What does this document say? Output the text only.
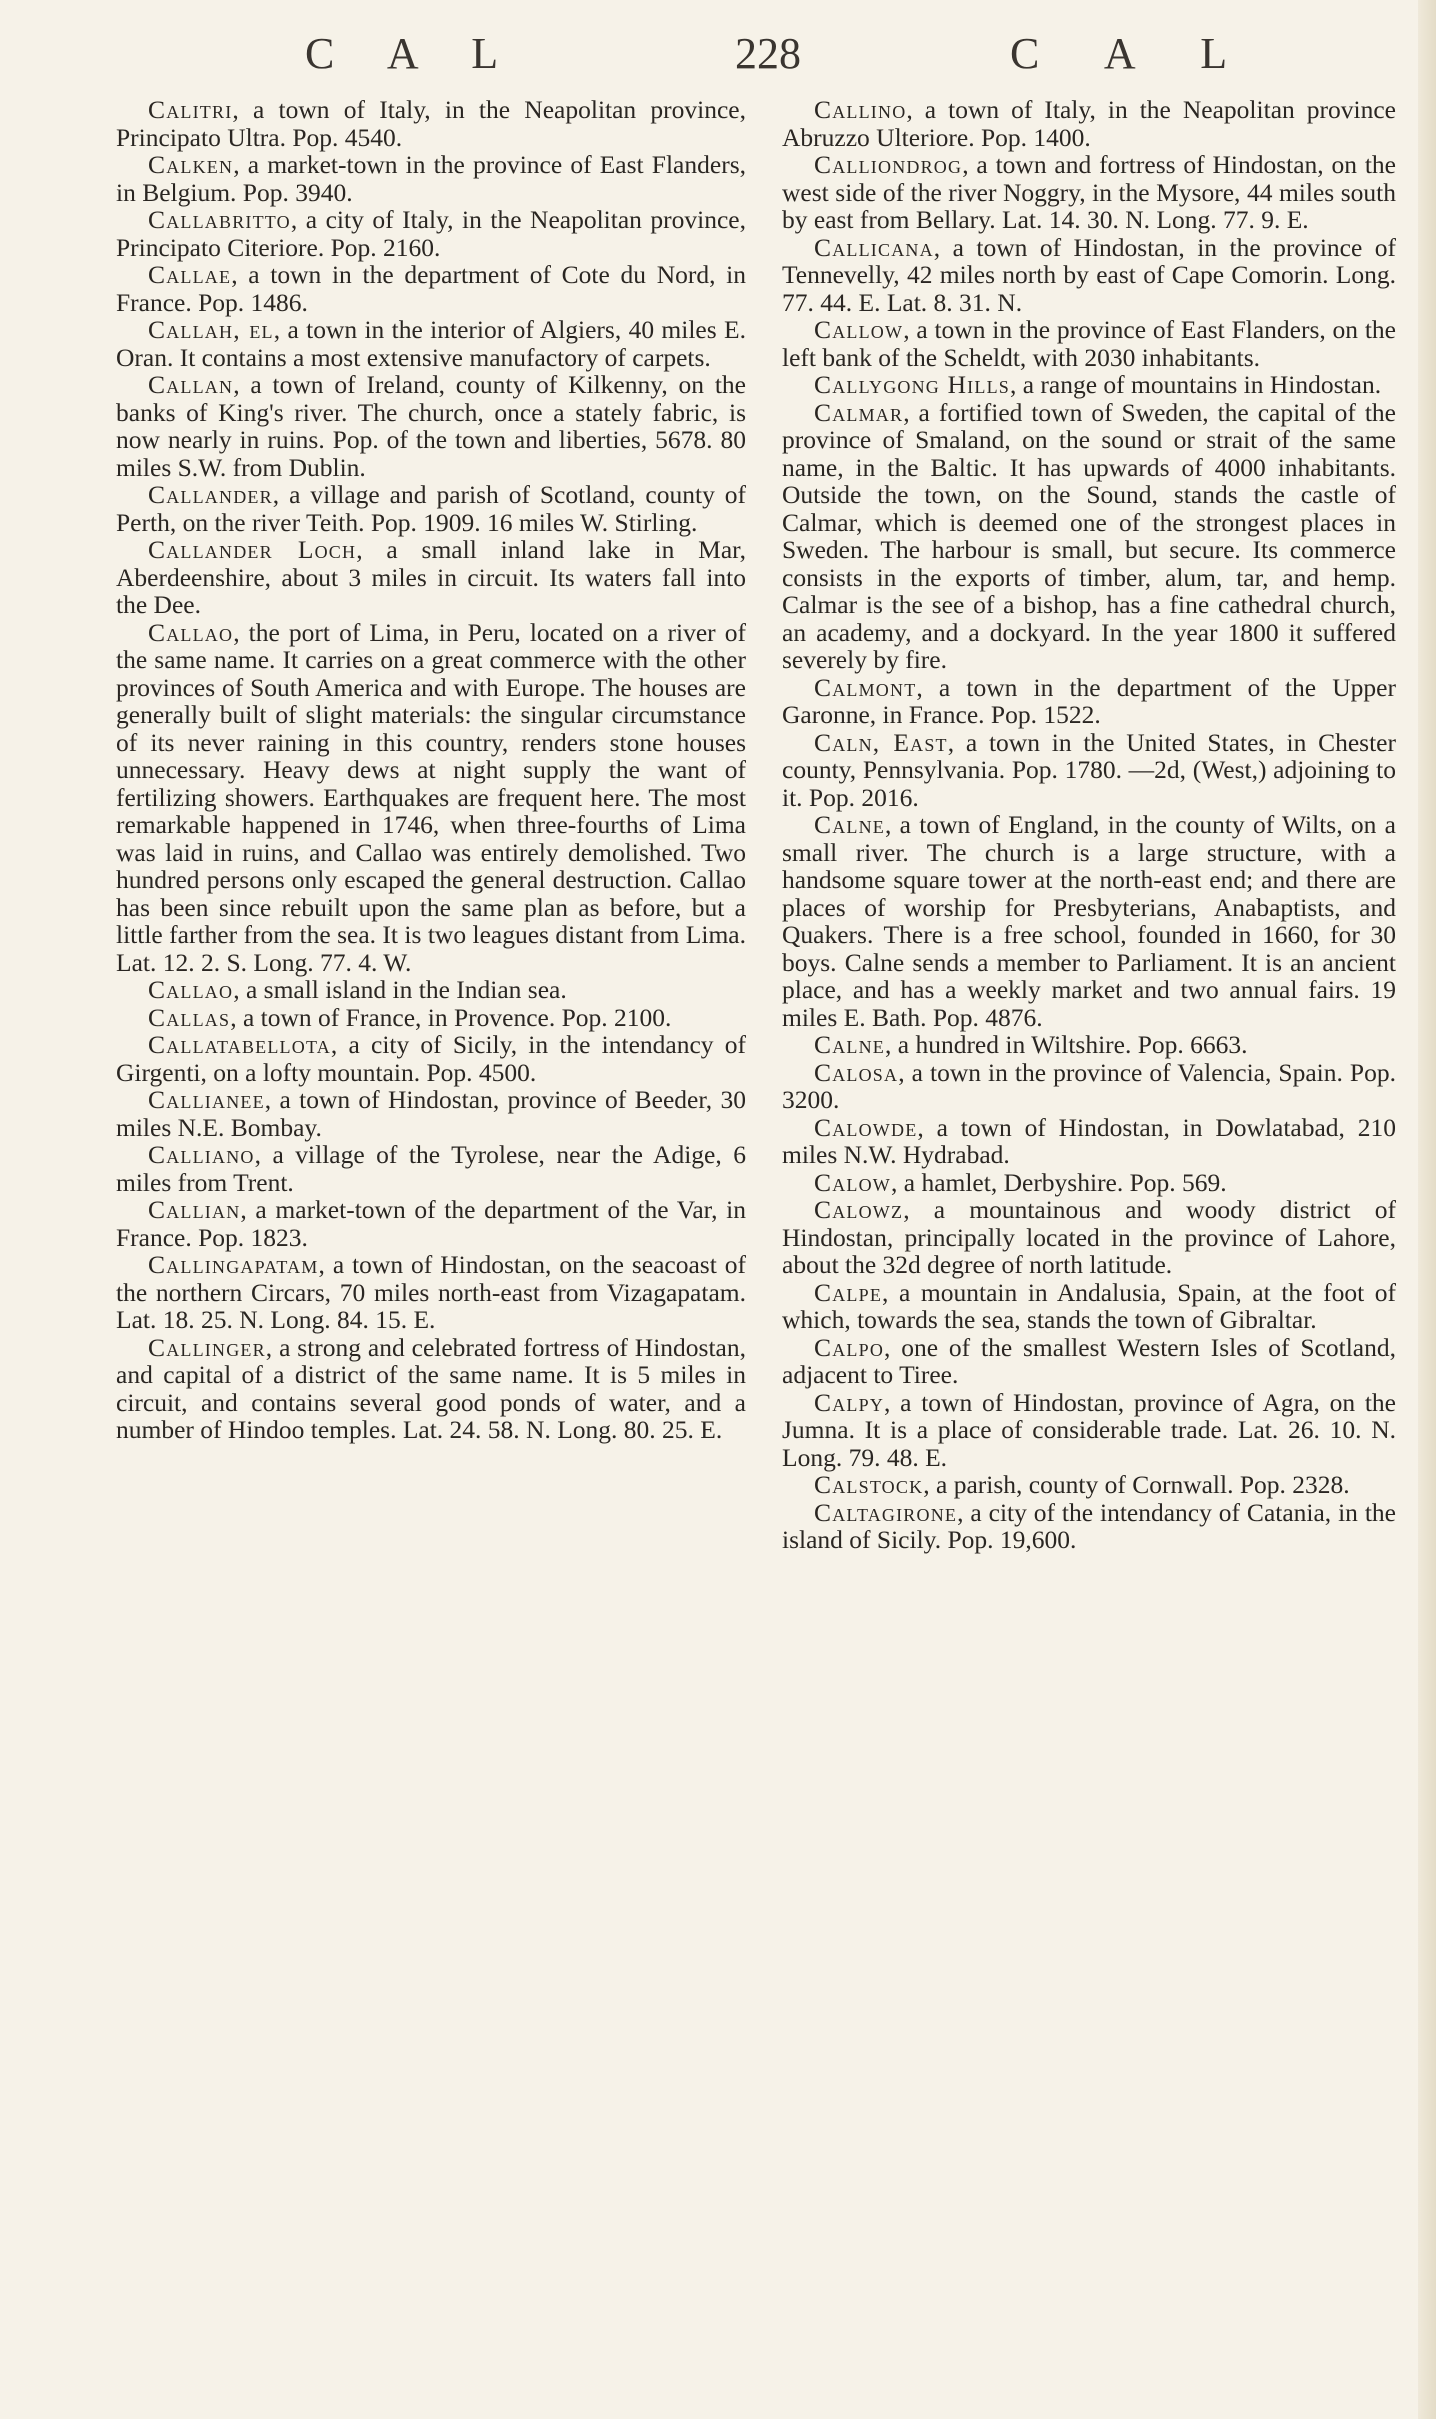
C A L	228	C A L

Calitri, a town of Italy, in the Neapolitan province, Principato Ultra. Pop. 4540.

Calken, a market-town in the province of East Flanders, in Belgium. Pop. 3940.

Callabritto, a city of Italy, in the Neapolitan province, Principato Citeriore. Pop. 2160.

Callae, a town in the department of Cote du Nord, in France. Pop. 1486.

Callah, el, a town in the interior of Algiers, 40 miles E. Oran. It contains a most extensive manufactory of carpets.

Callan, a town of Ireland, county of Kilkenny, on the banks of King's river. The church, once a stately fabric, is now nearly in ruins. Pop. of the town and liberties, 5678. 80 miles S.W. from Dublin.

Callander, a village and parish of Scotland, county of Perth, on the river Teith. Pop. 1909. 16 miles W. Stirling.

Callander Loch, a small inland lake in Mar, Aberdeenshire, about 3 miles in circuit. Its waters fall into the Dee.

Callao, the port of Lima, in Peru, located on a river of the same name. It carries on a great commerce with the other provinces of South America and with Europe. The houses are generally built of slight materials: the singular circumstance of its never raining in this country, renders stone houses unnecessary. Heavy dews at night supply the want of fertilizing showers. Earthquakes are frequent here. The most remarkable happened in 1746, when three-fourths of Lima was laid in ruins, and Callao was entirely demolished. Two hundred persons only escaped the general destruction. Callao has been since rebuilt upon the same plan as before, but a little farther from the sea. It is two leagues distant from Lima. Lat. 12. 2. S. Long. 77. 4. W.

Callao, a small island in the Indian sea.

Callas, a town of France, in Provence. Pop. 2100.

Callatabellota, a city of Sicily, in the intendancy of Girgenti, on a lofty mountain. Pop. 4500.

Callianee, a town of Hindostan, province of Beeder, 30 miles N.E. Bombay.

Calliano, a village of the Tyrolese, near the Adige, 6 miles from Trent.

Callian, a market-town of the department of the Var, in France. Pop. 1823.

Callingapatam, a town of Hindostan, on the seacoast of the northern Circars, 70 miles north-east from Vizagapatam. Lat. 18. 25. N. Long. 84. 15. E.

Callinger, a strong and celebrated fortress of Hindostan, and capital of a district of the same name. It is 5 miles in circuit, and contains several good ponds of water, and a number of Hindoo temples. Lat. 24. 58. N. Long. 80. 25. E.

Callino, a town of Italy, in the Neapolitan province Abruzzo Ulteriore. Pop. 1400.

Calliondrog, a town and fortress of Hindostan, on the west side of the river Noggry, in the Mysore, 44 miles south by east from Bellary. Lat. 14. 30. N. Long. 77. 9. E.

Callicana, a town of Hindostan, in the province of Tennevelly, 42 miles north by east of Cape Comorin. Long. 77. 44. E. Lat. 8. 31. N.

Callow, a town in the province of East Flanders, on the left bank of the Scheldt, with 2030 inhabitants.

Callygong Hills, a range of mountains in Hindostan.

Calmar, a fortified town of Sweden, the capital of the province of Smaland, on the sound or strait of the same name, in the Baltic. It has upwards of 4000 inhabitants. Outside the town, on the Sound, stands the castle of Calmar, which is deemed one of the strongest places in Sweden. The harbour is small, but secure. Its commerce consists in the exports of timber, alum, tar, and hemp. Calmar is the see of a bishop, has a fine cathedral church, an academy, and a dockyard. In the year 1800 it suffered severely by fire.

Calmont, a town in the department of the Upper Garonne, in France. Pop. 1522.

Caln, East, a town in the United States, in Chester county, Pennsylvania. Pop. 1780. —2d, (West,) adjoining to it. Pop. 2016.

Calne, a town of England, in the county of Wilts, on a small river. The church is a large structure, with a handsome square tower at the north-east end; and there are places of worship for Presbyterians, Anabaptists, and Quakers. There is a free school, founded in 1660, for 30 boys. Calne sends a member to Parliament. It is an ancient place, and has a weekly market and two annual fairs. 19 miles E. Bath. Pop. 4876.

Calne, a hundred in Wiltshire. Pop. 6663.

Calosa, a town in the province of Valencia, Spain. Pop. 3200.

Calowde, a town of Hindostan, in Dowlatabad, 210 miles N.W. Hydrabad.

Calow, a hamlet, Derbyshire. Pop. 569.

Calowz, a mountainous and woody district of Hindostan, principally located in the province of Lahore, about the 32d degree of north latitude.

Calpe, a mountain in Andalusia, Spain, at the foot of which, towards the sea, stands the town of Gibraltar.

Calpo, one of the smallest Western Isles of Scotland, adjacent to Tiree.

Calpy, a town of Hindostan, province of Agra, on the Jumna. It is a place of considerable trade. Lat. 26. 10. N. Long. 79. 48. E.

Calstock, a parish, county of Cornwall. Pop. 2328.

Caltagirone, a city of the intendancy of Catania, in the island of Sicily. Pop. 19,600.
